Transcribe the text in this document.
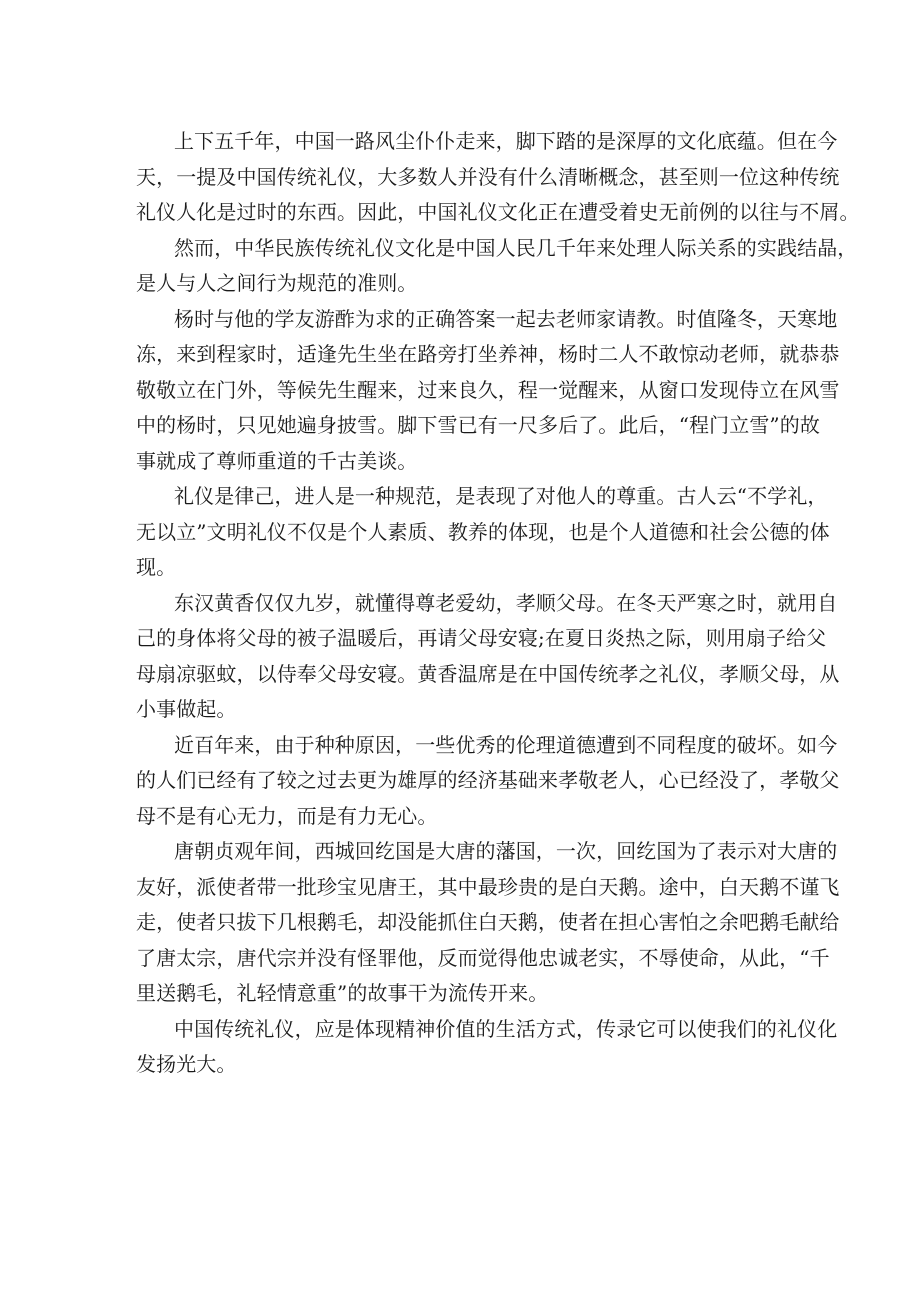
上下五千年，中国一路风尘仆仆走来，脚下踏的是深厚的文化底蕴。但在今
天，一提及中国传统礼仪，大多数人并没有什么清晰概念，甚至则一位这种传统
礼仪人化是过时的东西。因此，中国礼仪文化正在遭受着史无前例的以往与不屑。
然而，中华民族传统礼仪文化是中国人民几千年来处理人际关系的实践结晶，
是人与人之间行为规范的准则。
杨时与他的学友游酢为求的正确答案一起去老师家请教。时值隆冬，天寒地
冻，来到程家时，适逢先生坐在路旁打坐养神，杨时二人不敢惊动老师，就恭恭
敬敬立在门外，等候先生醒来，过来良久，程一觉醒来，从窗口发现侍立在风雪
中的杨时，只见她遍身披雪。脚下雪已有一尺多后了。此后，“程门立雪”的故
事就成了尊师重道的千古美谈。
礼仪是律己，进人是一种规范，是表现了对他人的尊重。古人云“不学礼，
无以立”文明礼仪不仅是个人素质、教养的体现，也是个人道德和社会公德的体
现。
东汉黄香仅仅九岁，就懂得尊老爱幼，孝顺父母。在冬天严寒之时，就用自
己的身体将父母的被子温暖后，再请父母安寝;在夏日炎热之际，则用扇子给父
母扇凉驱蚊，以侍奉父母安寝。黄香温席是在中国传统孝之礼仪，孝顺父母，从
小事做起。
近百年来，由于种种原因，一些优秀的伦理道德遭到不同程度的破坏。如今
的人们已经有了较之过去更为雄厚的经济基础来孝敬老人，心已经没了，孝敬父
母不是有心无力，而是有力无心。
唐朝贞观年间，西城回纥国是大唐的藩国，一次，回纥国为了表示对大唐的
友好，派使者带一批珍宝见唐王，其中最珍贵的是白天鹅。途中，白天鹅不谨飞
走，使者只拔下几根鹅毛，却没能抓住白天鹅，使者在担心害怕之余吧鹅毛献给
了唐太宗，唐代宗并没有怪罪他，反而觉得他忠诚老实，不辱使命，从此，“千
里送鹅毛，礼轻情意重”的故事干为流传开来。
中国传统礼仪，应是体现精神价值的生活方式，传录它可以使我们的礼仪化
发扬光大。
